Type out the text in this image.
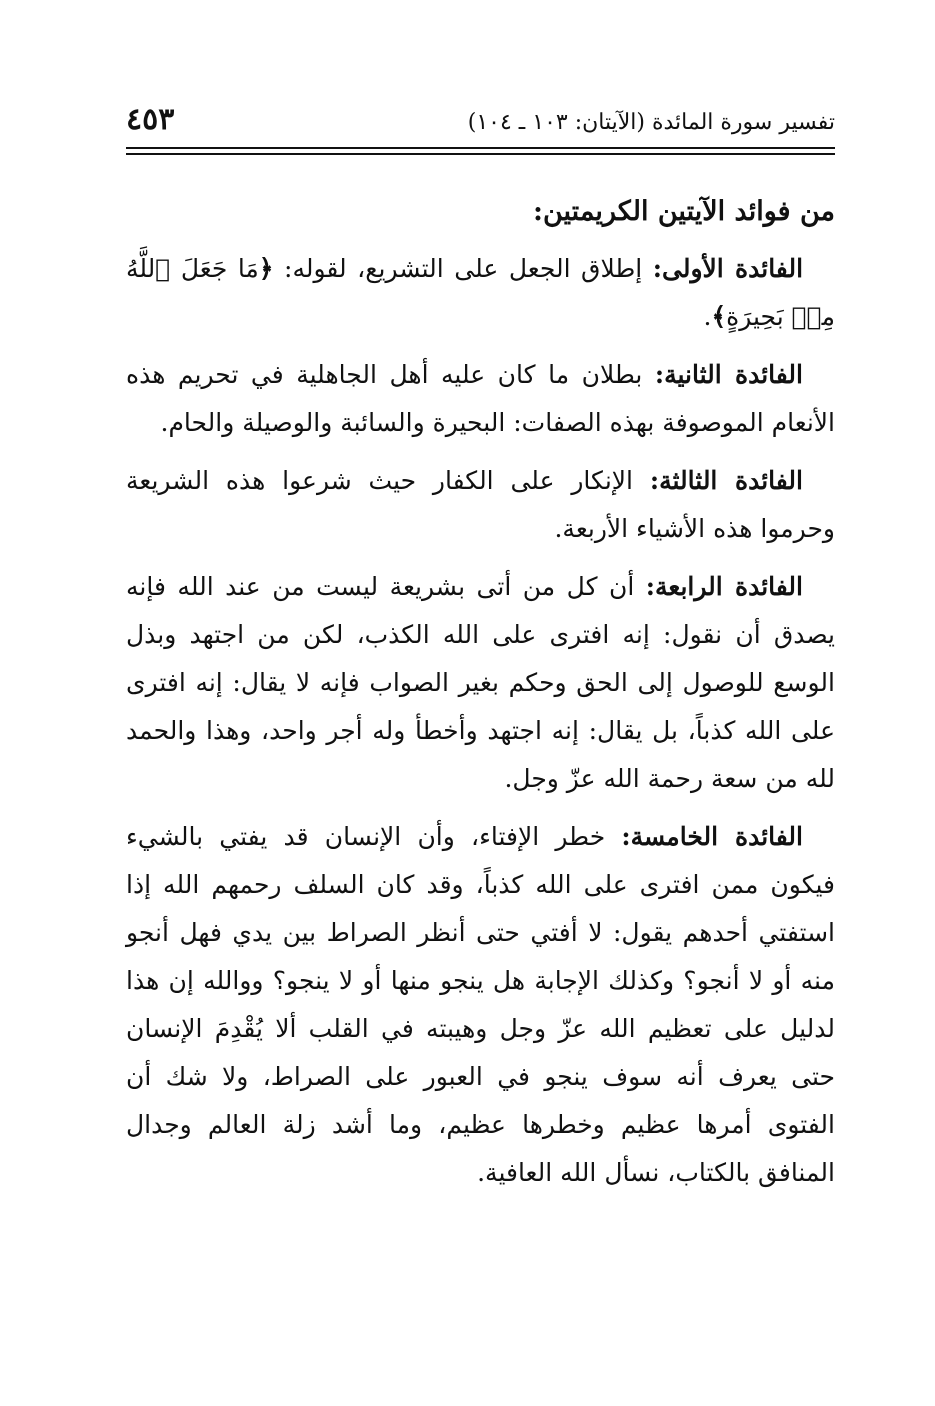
تفسير سورة المائدة (الآيتان: ١٠٣ ـ ١٠٤)
٤٥٣
من فوائد الآيتين الكريمتين:

الفائدة الأولى: إطلاق الجعل على التشريع، لقوله: ﴿مَا جَعَلَ ٱللَّهُ مِنۢ بَحِيرَةٍ﴾.

الفائدة الثانية: بطلان ما كان عليه أهل الجاهلية في تحريم هذه الأنعام الموصوفة بهذه الصفات: البحيرة والسائبة والوصيلة والحام.

الفائدة الثالثة: الإنكار على الكفار حيث شرعوا هذه الشريعة وحرموا هذه الأشياء الأربعة.

الفائدة الرابعة: أن كل من أتى بشريعة ليست من عند الله فإنه يصدق أن نقول: إنه افترى على الله الكذب، لكن من اجتهد وبذل الوسع للوصول إلى الحق وحكم بغير الصواب فإنه لا يقال: إنه افترى على الله كذباً، بل يقال: إنه اجتهد وأخطأ وله أجر واحد، وهذا والحمد لله من سعة رحمة الله عزّ وجل.

الفائدة الخامسة: خطر الإفتاء، وأن الإنسان قد يفتي بالشيء فيكون ممن افترى على الله كذباً، وقد كان السلف رحمهم الله إذا استفتي أحدهم يقول: لا أفتي حتى أنظر الصراط بين يدي فهل أنجو منه أو لا أنجو؟ وكذلك الإجابة هل ينجو منها أو لا ينجو؟ ووالله إن هذا لدليل على تعظيم الله عزّ وجل وهيبته في القلب ألا يُقْدِمَ الإنسان حتى يعرف أنه سوف ينجو في العبور على الصراط، ولا شك أن الفتوى أمرها عظيم وخطرها عظيم، وما أشد زلة العالم وجدال المنافق بالكتاب، نسأل الله العافية.
